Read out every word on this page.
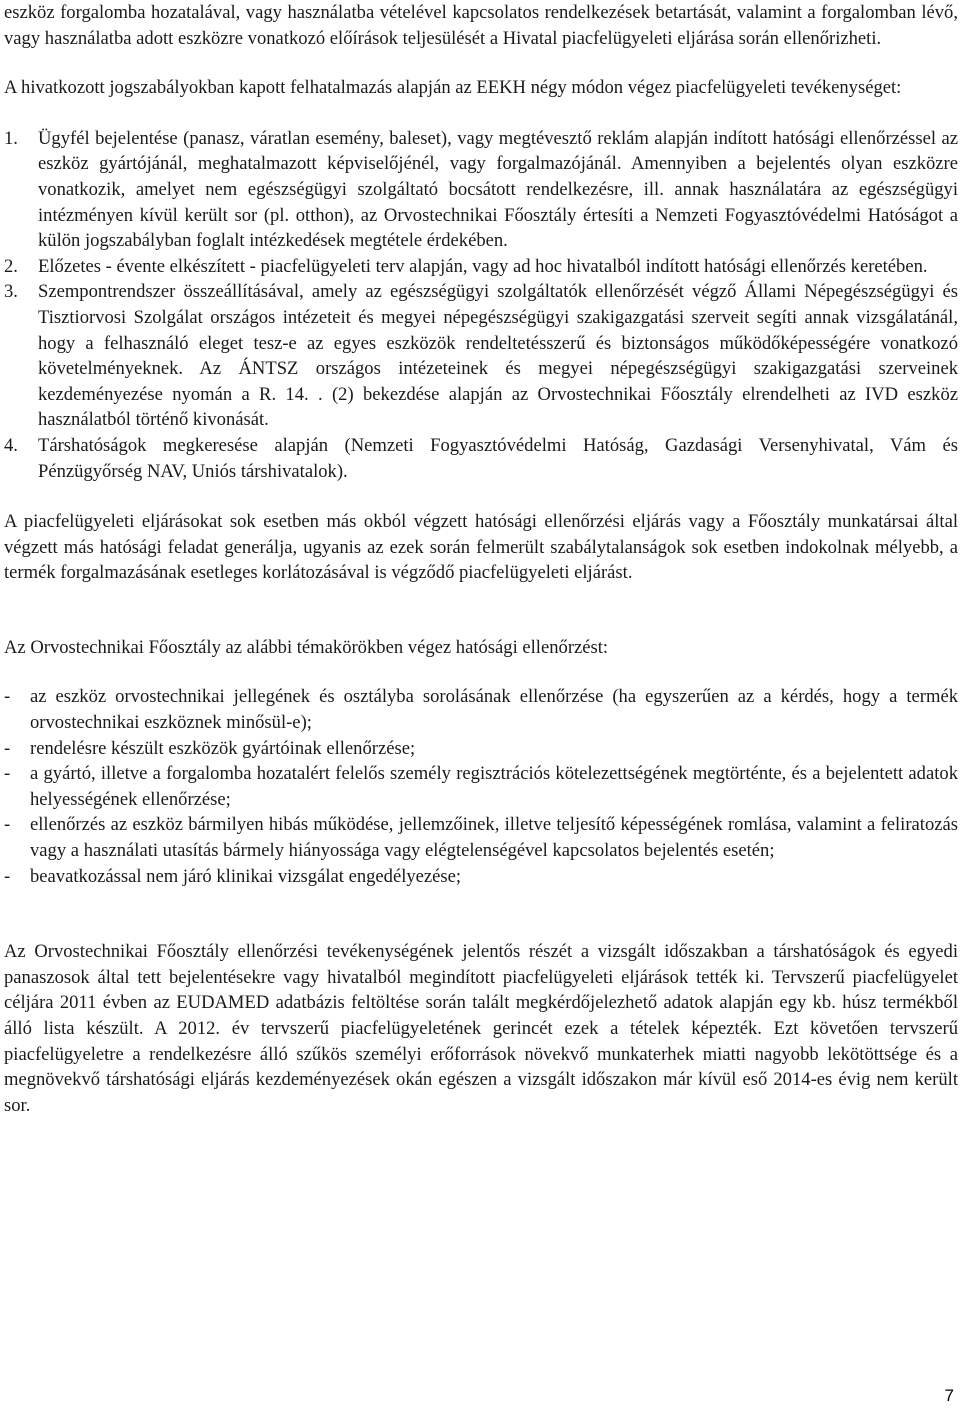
eszköz forgalomba hozatalával, vagy használatba vételével kapcsolatos rendelkezések betartását, valamint a forgalomban lévő, vagy használatba adott eszközre vonatkozó előírások teljesülését a Hivatal piacfelügyeleti eljárása során ellenőrizheti.

A hivatkozott jogszabályokban kapott felhatalmazás alapján az EEKH négy módon végez piacfelügyeleti tevékenységet:

1. Ügyfél bejelentése (panasz, váratlan esemény, baleset), vagy megtévesztő reklám alapján indított hatósági ellenőrzéssel az eszköz gyártójánál, meghatalmazott képviselőjénél, vagy forgalmazójánál. Amennyiben a bejelentés olyan eszközre vonatkozik, amelyet nem egészségügyi szolgáltató bocsátott rendelkezésre, ill. annak használatára az egészségügyi intézményen kívül került sor (pl. otthon), az Orvostechnikai Főosztály értesíti a Nemzeti Fogyasztóvédelmi Hatóságot a külön jogszabályban foglalt intézkedések megtétele érdekében.
2. Előzetes - évente elkészített - piacfelügyeleti terv alapján, vagy ad hoc hivatalból indított hatósági ellenőrzés keretében.
3. Szempontrendszer összeállításával, amely az egészségügyi szolgáltatók ellenőrzését végző Állami Népegészségügyi és Tisztiorvosi Szolgálat országos intézeteit és megyei népegészségügyi szakigazgatási szerveit segíti annak vizsgálatánál, hogy a felhasználó eleget tesz-e az egyes eszközök rendeltetésszerű és biztonságos működőképességére vonatkozó követelményeknek. Az ÁNTSZ országos intézeteinek és megyei népegészségügyi szakigazgatási szerveinek kezdeményezése nyomán a R. 14. . (2) bekezdése alapján az Orvostechnikai Főosztály elrendelheti az IVD eszköz használatból történő kivonását.
4. Társhatóságok megkeresése alapján (Nemzeti Fogyasztóvédelmi Hatóság, Gazdasági Versenyhivatal, Vám és Pénzügyőrség NAV, Uniós társhivatalok).

A piacfelügyeleti eljárásokat sok esetben más okból végzett hatósági ellenőrzési eljárás vagy a Főosztály munkatársai által végzett más hatósági feladat generálja, ugyanis az ezek során felmerült szabálytalanságok sok esetben indokolnak mélyebb, a termék forgalmazásának esetleges korlátozásával is végződő piacfelügyeleti eljárást.

Az Orvostechnikai Főosztály az alábbi témakörökben végez hatósági ellenőrzést:

- az eszköz orvostechnikai jellegének és osztályba sorolásának ellenőrzése (ha egyszerűen az a kérdés, hogy a termék orvostechnikai eszköznek minősül-e);
- rendelésre készült eszközök gyártóinak ellenőrzése;
- a gyártó, illetve a forgalomba hozatalért felelős személy regisztrációs kötelezettségének megtörténte, és a bejelentett adatok helyességének ellenőrzése;
- ellenőrzés az eszköz bármilyen hibás működése, jellemzőinek, illetve teljesítő képességének romlása, valamint a feliratozás vagy a használati utasítás bármely hiányossága vagy elégtelenségével kapcsolatos bejelentés esetén;
- beavatkozással nem járó klinikai vizsgálat engedélyezése;

Az Orvostechnikai Főosztály ellenőrzési tevékenységének jelentős részét a vizsgált időszakban a társhatóságok és egyedi panaszosok által tett bejelentésekre vagy hivatalból megindított piacfelügyeleti eljárások tették ki. Tervszerű piacfelügyelet céljára 2011 évben az EUDAMED adatbázis feltöltése során talált megkérdőjelezhető adatok alapján egy kb. húsz termékből álló lista készült. A 2012. év tervszerű piacfelügyeletének gerincét ezek a tételek képezték. Ezt követően tervszerű piacfelügyeletre a rendelkezésre álló szűkös személyi erőforrások növekvő munkaterhek miatti nagyobb lekötöttsége és a megnövekvő társhatósági eljárás kezdeményezések okán egészen a vizsgált időszakon már kívül eső 2014-es évig nem került sor.

7
